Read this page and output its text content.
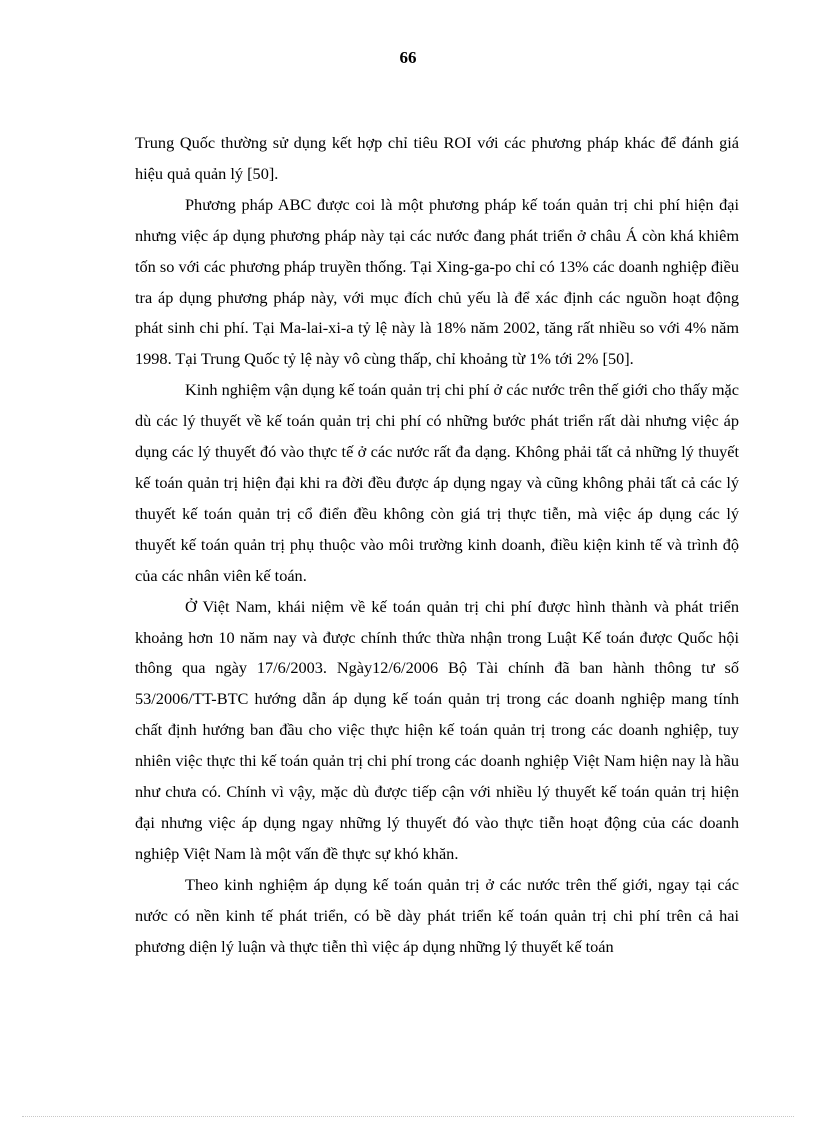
66

Trung Quốc thường sử dụng kết hợp chỉ tiêu ROI với các phương pháp khác để đánh giá hiệu quả quản lý [50].

Phương pháp ABC được coi là một phương pháp kế toán quản trị chi phí hiện đại nhưng việc áp dụng phương pháp này tại các nước đang phát triển ở châu Á còn khá khiêm tốn so với các phương pháp truyền thống. Tại Xing-ga-po chỉ có 13% các doanh nghiệp điều tra áp dụng phương pháp này, với mục đích chủ yếu là để xác định các nguồn hoạt động phát sinh chi phí. Tại Ma-lai-xi-a tỷ lệ này là 18% năm 2002, tăng rất nhiều so với 4% năm 1998. Tại Trung Quốc tỷ lệ này vô cùng thấp, chỉ khoảng từ 1% tới 2% [50].

Kinh nghiệm vận dụng kế toán quản trị chi phí ở các nước trên thế giới cho thấy mặc dù các lý thuyết về kế toán quản trị chi phí có những bước phát triển rất dài nhưng việc áp dụng các lý thuyết đó vào thực tế ở các nước rất đa dạng. Không phải tất cả những lý thuyết kế toán quản trị hiện đại khi ra đời đều được áp dụng ngay và cũng không phải tất cả các lý thuyết kế toán quản trị cổ điển đều không còn giá trị thực tiễn, mà việc áp dụng các lý thuyết kế toán quản trị phụ thuộc vào môi trường kinh doanh, điều kiện kinh tế và trình độ của các nhân viên kế toán.

Ở Việt Nam, khái niệm về kế toán quản trị chi phí được hình thành và phát triển khoảng hơn 10 năm nay và được chính thức thừa nhận trong Luật Kế toán được Quốc hội thông qua ngày 17/6/2003. Ngày12/6/2006 Bộ Tài chính đã ban hành thông tư số 53/2006/TT-BTC hướng dẫn áp dụng kế toán quản trị trong các doanh nghiệp mang tính chất định hướng ban đầu cho việc thực hiện kế toán quản trị trong các doanh nghiệp, tuy nhiên việc thực thi kế toán quản trị chi phí trong các doanh nghiệp Việt Nam hiện nay là hầu như chưa có. Chính vì vậy, mặc dù được tiếp cận với nhiều lý thuyết kế toán quản trị hiện đại nhưng việc áp dụng ngay những lý thuyết đó vào thực tiễn hoạt động của các doanh nghiệp Việt Nam là một vấn đề thực sự khó khăn.

Theo kinh nghiệm áp dụng kế toán quản trị ở các nước trên thế giới, ngay tại các nước có nền kinh tế phát triển, có bề dày phát triển kế toán quản trị chi phí trên cả hai phương diện lý luận và thực tiễn thì việc áp dụng những lý thuyết kế toán
